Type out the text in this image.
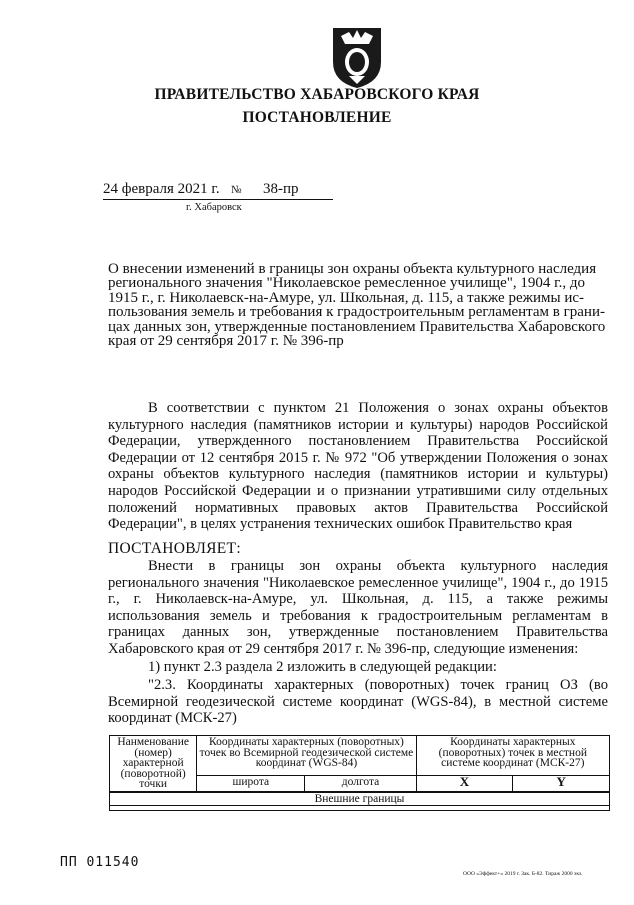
ПРАВИТЕЛЬСТВО ХАБАРОВСКОГО КРАЯ
ПОСТАНОВЛЕНИЕ
24 февраля 2021 г. № 38-пр
г. Хабаровск
О внесении изменений в границы зон охраны объекта культурного наследия
регионального значения "Николаевское ремесленное училище", 1904 г., до
1915 г., г. Николаевск-на-Амуре, ул. Школьная, д. 115, а также режимы ис-
пользования земель и требования к градостроительным регламентам в грани-
цах данных зон, утвержденные постановлением Правительства Хабаровского
края от 29 сентября 2017 г. № 396-пр
В соответствии с пунктом 21 Положения о зонах охраны объектов культурного наследия (памятников истории и культуры) народов Российской Федерации, утвержденного постановлением Правительства Российской Федерации от 12 сентября 2015 г. № 972 "Об утверждении Положения о зонах охраны объектов культурного наследия (памятников истории и культуры) народов Российской Федерации и о признании утратившими силу отдельных положений нормативных правовых актов Правительства Российской Федерации", в целях устранения технических ошибок Правительство края
ПОСТАНОВЛЯЕТ:
Внести в границы зон охраны объекта культурного наследия регионального значения "Николаевское ремесленное училище", 1904 г., до 1915 г., г. Николаевск-на-Амуре, ул. Школьная, д. 115, а также режимы использования земель и требования к градостроительным регламентам в границах данных зон, утвержденные постановлением Правительства Хабаровского края от 29 сентября 2017 г. № 396-пр, следующие изменения:
1) пункт 2.3 раздела 2 изложить в следующей редакции:
"2.3. Координаты характерных (поворотных) точек границ ОЗ (во Всемирной геодезической системе координат (WGS-84), в местной системе координат (МСК-27)
Нанменование (номер) характерной (поворотной) точки	Координаты характерных (поворотных) точек во Всемирной геодезической системе координат (WGS-84)		Координаты характерных (поворотных) точек в местной системе координат (МСК-27)	
	широта	долгота	X	Y
Внешние границы				

ПП 011540
ООО «Эффект+» 2019 г. Зак. Б-82. Тираж 2000 экз.
